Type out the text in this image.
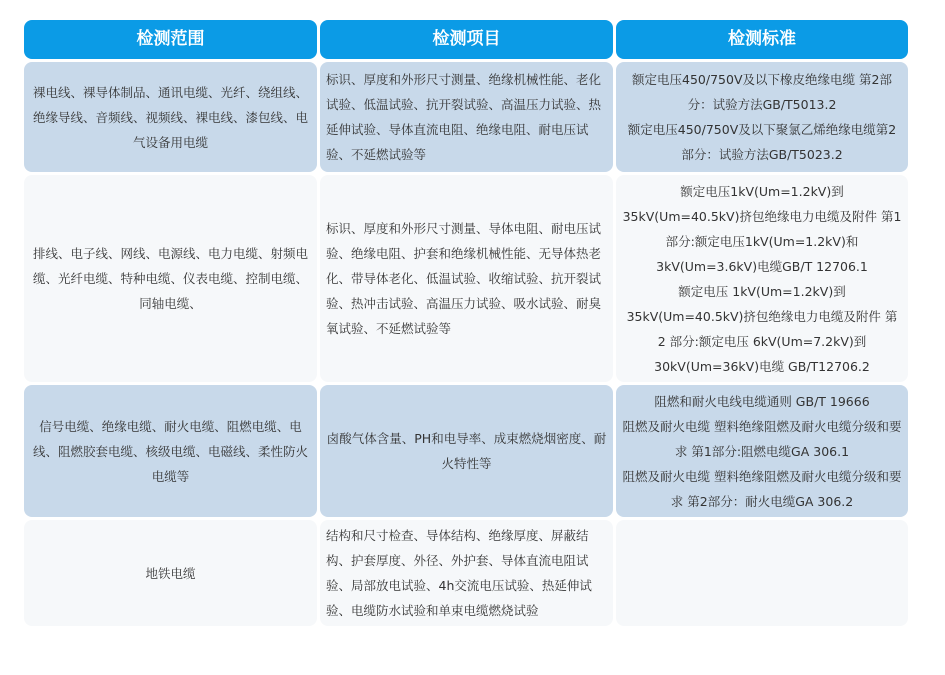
检测范围	检测项目	检测标准
裸电线、裸导体制品、通讯电缆、光纤、绕组线、绝缘导线、音频线、视频线、裸电线、漆包线、电气设备用电缆
标识、厚度和外形尺寸测量、绝缘机械性能、老化试验、低温试验、抗开裂试验、高温压力试验、热延伸试验、导体直流电阻、绝缘电阻、耐电压试验、不延燃试验等
额定电压450/750V及以下橡皮绝缘电缆 第2部分：试验方法GB/T5013.2
额定电压450/750V及以下聚氯乙烯绝缘电缆第2部分：试验方法GB/T5023.2
排线、电子线、网线、电源线、电力电缆、射频电缆、光纤电缆、特种电缆、仪表电缆、控制电缆、同轴电缆、
标识、厚度和外形尺寸测量、导体电阻、耐电压试验、绝缘电阻、护套和绝缘机械性能、无导体热老化、带导体老化、低温试验、收缩试验、抗开裂试验、热冲击试验、高温压力试验、吸水试验、耐臭氧试验、不延燃试验等
额定电压1kV(Um=1.2kV)到35kV(Um=40.5kV)挤包绝缘电力电缆及附件 第1部分:额定电压1kV(Um=1.2kV)和3kV(Um=3.6kV)电缆GB/T 12706.1
额定电压 1kV(Um=1.2kV)到35kV(Um=40.5kV)挤包绝缘电力电缆及附件 第 2 部分:额定电压 6kV(Um=7.2kV)到30kV(Um=36kV)电缆 GB/T12706.2
信号电缆、绝缘电缆、耐火电缆、阻燃电缆、电线、阻燃胶套电缆、核级电缆、电磁线、柔性防火电缆等
卤酸气体含量、PH和电导率、成束燃烧烟密度、耐火特性等
阻燃和耐火电线电缆通则 GB/T 19666
阻燃及耐火电缆 塑料绝缘阻燃及耐火电缆分级和要求 第1部分:阻燃电缆GA 306.1
阻燃及耐火电缆 塑料绝缘阻燃及耐火电缆分级和要求 第2部分：耐火电缆GA 306.2
地铁电缆
结构和尺寸检查、导体结构、绝缘厚度、屏蔽结构、护套厚度、外径、外护套、导体直流电阻试验、局部放电试验、4h交流电压试验、热延伸试验、电缆防水试验和单束电缆燃烧试验
